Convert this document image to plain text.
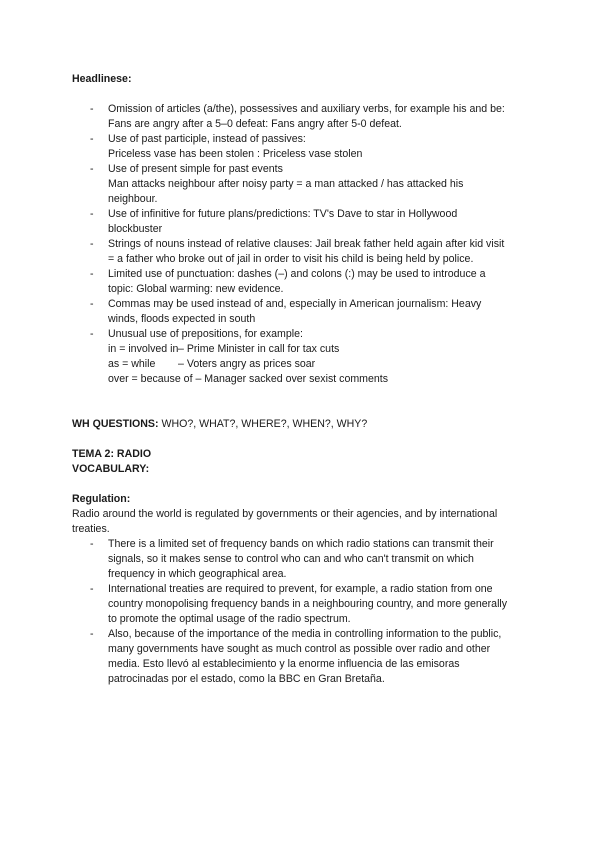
Headlinese:
- Omission of articles (a/the), possessives and auxiliary verbs, for example his and be:
Fans are angry after a 5–0 defeat: Fans angry after 5-0 defeat.
- Use of past participle, instead of passives:
Priceless vase has been stolen : Priceless vase stolen
- Use of present simple for past events
Man attacks neighbour after noisy party = a man attacked / has attacked his
neighbour.
- Use of infinitive for future plans/predictions: TV's Dave to star in Hollywood
blockbuster
- Strings of nouns instead of relative clauses: Jail break father held again after kid visit
= a father who broke out of jail in order to visit his child is being held by police.
- Limited use of punctuation: dashes (–) and colons (:) may be used to introduce a
topic: Global warming: new evidence.
- Commas may be used instead of and, especially in American journalism: Heavy
winds, floods expected in south
- Unusual use of prepositions, for example:
in = involved in– Prime Minister in call for tax cuts
as = while – Voters angry as prices soar
over = because of – Manager sacked over sexist comments
WH QUESTIONS: WHO?, WHAT?, WHERE?, WHEN?, WHY?
TEMA 2: RADIO
VOCABULARY:
Regulation:
Radio around the world is regulated by governments or their agencies, and by international
treaties.
- There is a limited set of frequency bands on which radio stations can transmit their
signals, so it makes sense to control who can and who can't transmit on which
frequency in which geographical area.
- International treaties are required to prevent, for example, a radio station from one
country monopolising frequency bands in a neighbouring country, and more generally
to promote the optimal usage of the radio spectrum.
- Also, because of the importance of the media in controlling information to the public,
many governments have sought as much control as possible over radio and other
media. Esto llevó al establecimiento y la enorme influencia de las emisoras
patrocinadas por el estado, como la BBC en Gran Bretaña.
